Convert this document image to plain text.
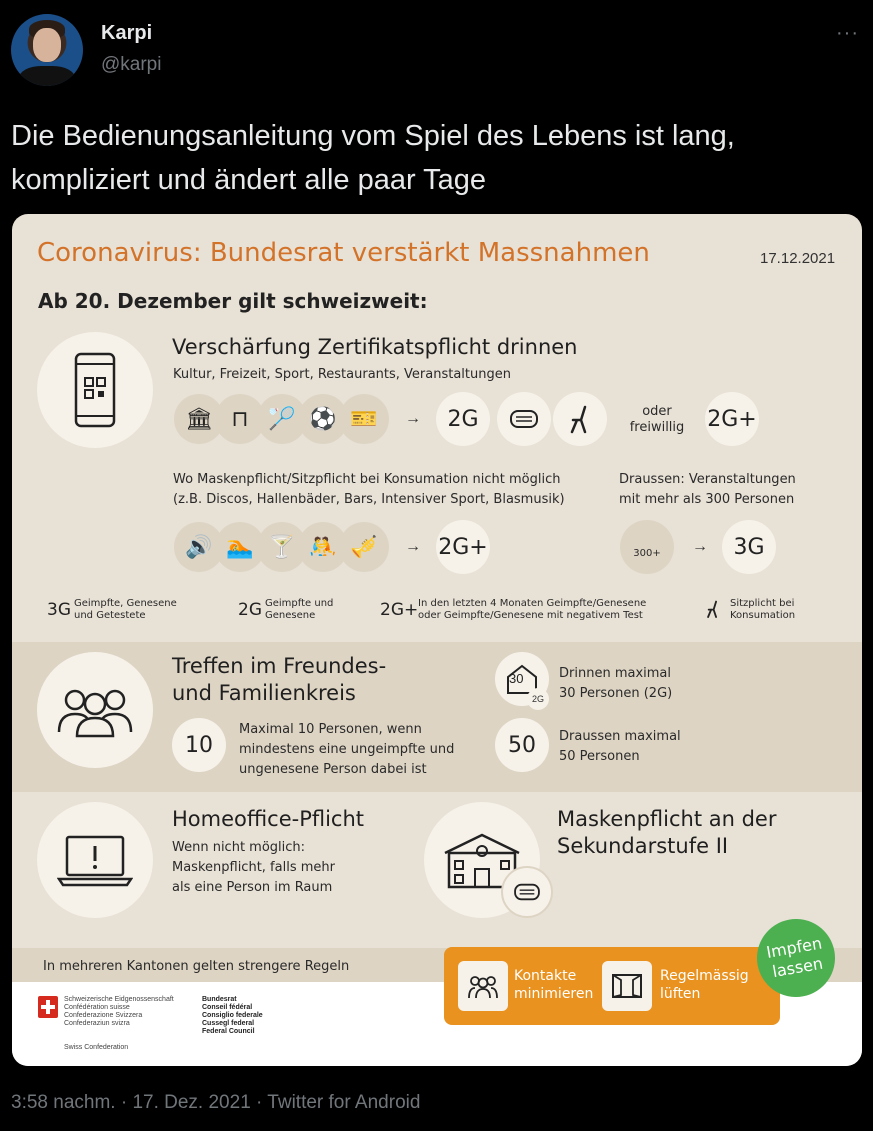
Karpi
@karpi
···
Die Bedienungsanleitung vom Spiel des Lebens ist lang, kompliziert und ändert alle paar Tage
Coronavirus: Bundesrat verstärkt Massnahmen	17.12.2021
Ab 20. Dezember gilt schweizweit:
Verschärfung Zertifikatspflicht drinnen
Kultur, Freizeit, Sport, Restaurants, Veranstaltungen
🏛 ⊓ 🏸 ⚽ 🎫	→	2G	oder
freiwillig 2G+
Wo Maskenpflicht/Sitzpflicht bei Konsumation nicht möglich
(z.B. Discos, Hallenbäder, Bars, Intensiver Sport, Blasmusik)
Draussen: Veranstaltungen
mit mehr als 300 Personen
🔊 🏊 🍸 🤼 🎺	→ 2G+	300+ →	3G
3G Geimpfte, Genesene
und Getestete	2G Geimpfte und
Genesene	2G+ In den letzten 4 Monaten Geimpfte/Genesene
oder Geimpfte/Genesene mit negativem Test
Sitzplicht bei
Konsumation
Treffen im Freundes-
und Familienkreis
10
Maximal 10 Personen, wenn
mindestens eine ungeimpfte und
ungenesene Person dabei ist
30
2G
Drinnen maximal
30 Personen (2G)
50	Draussen maximal
50 Personen
Homeoffice-Pflicht
Wenn nicht möglich:
Maskenpflicht, falls mehr
als eine Person im Raum
Maskenpflicht an der
Sekundarstufe II
In mehreren Kantonen gelten strengere Regeln
Schweizerische Eidgenossenschaft
Confédération suisse
Confederazione Svizzera
Confederaziun svizra
Swiss Confederation
Bundesrat
Conseil fédéral
Consiglio federale
Cussegl federal
Federal Council
Kontakte
minimieren
Regelmässig
lüften
Impfen
lassen
3:58 nachm. · 17. Dez. 2021 · Twitter for Android
